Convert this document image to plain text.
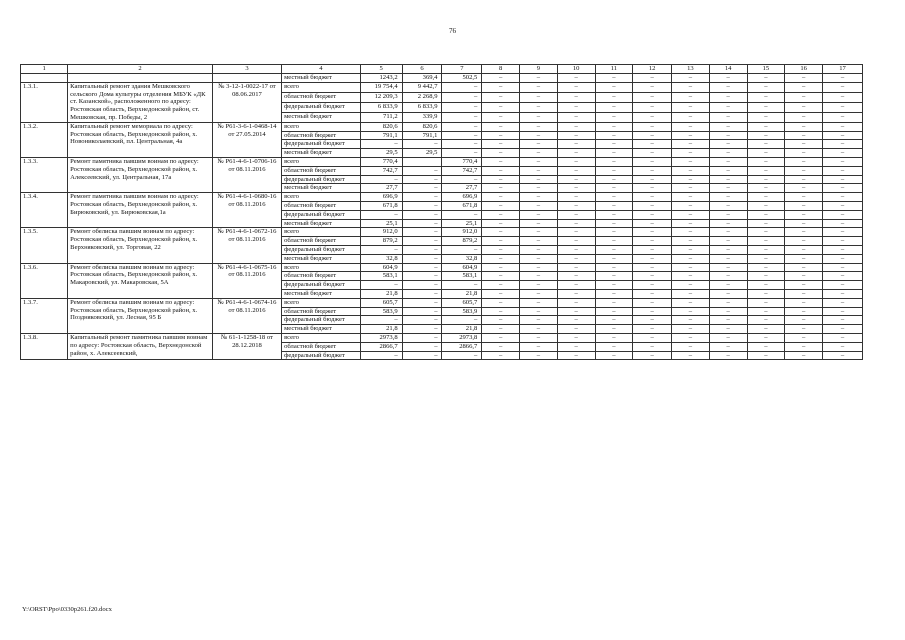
76
1	2	3	4	5	6	7	8	9	10	11	12	13	14	15	16	17
			местный бюджет	1243,2	369,4	502,5	–	–	–	–	–	–	–	–	–	–
1.3.1.	Капитальный ремонт здания Мешковского сельского Дома культуры отделения МБУК «ДК ст. Казанской», расположенного по адресу: Ростовская область, Верхнедонской район, ст. Мешковская, пр. Победы, 2	№ 3-12-1-0022-17 от 08.06.2017	всего	19 754,4	9 442,7	–	–	–	–	–	–	–	–	–	–	–
			областной бюджет	12 209,3	2 268,9	–	–	–	–	–	–	–	–	–	–	–
			федеральный бюджет	6 833,9	6 833,9	–	–	–	–	–	–	–	–	–	–	–
			местный бюджет	711,2	339,9	–	–	–	–	–	–	–	–	–	–	–
1.3.2.	Капитальный ремонт мемориала по адресу: Ростовская область, Верхнедонской район, х. Новониколаевский, пл. Центральная, 4а	№ Р61-3-6-1-0468-14 от 27.05.2014	всего	820,6	820,6	–	–	–	–	–	–	–	–	–	–	–
			областной бюджет	791,1	791,1	–	–	–	–	–	–	–	–	–	–	–
			федеральный бюджет	–	–	–	–	–	–	–	–	–	–	–	–	–
			местный бюджет	29,5	29,5	–	–	–	–	–	–	–	–	–	–	–
1.3.3.	Ремонт памятника павшим воинам по адресу: Ростовская область, Верхнедонской район, х. Алексеевский, ул. Центральная, 17а	№ Р61-4-6-1-0706-16 от 08.11.2016	всего	770,4		770,4	–	–	–	–	–	–	–	–	–	–
			областной бюджет	742,7	–	742,7	–	–	–	–	–	–	–	–	–	–
			федеральный бюджет	–	–	–	–	–	–	–	–	–	–	–	–	–
			местный бюджет	27,7	–	27,7	–	–	–	–	–	–	–	–	–	–
1.3.4.	Ремонт памятника павшим воинам по адресу: Ростовская область, Верхнедонской район, х. Бирюковский, ул. Бирюковская,1а	№ Р61-4-6-1-0680-16 от 08.11.2016	всего	696,9	–	696,9	–	–	–	–	–	–	–	–	–	–
			областной бюджет	671,8	–	671,8	–	–	–	–	–	–	–	–	–	–
			федеральный бюджет	–	–	–	–	–	–	–	–	–	–	–	–	–
			местный бюджет	25,1	–	25,1	–	–	–	–	–	–	–	–	–	–
1.3.5.	Ремонт обелиска павшим воинам по адресу: Ростовская область, Верхнедонской район, х. Верхняковский, ул. Торговая, 22	№ Р61-4-6-1-0672-16 от 08.11.2016	всего	912,0	–	912,0	–	–	–	–	–	–	–	–	–	–
			областной бюджет	879,2	–	879,2	–	–	–	–	–	–	–	–	–	–
			федеральный бюджет	–	–	–	–	–	–	–	–	–	–	–	–	–
			местный бюджет	32,8	–	32,8	–	–	–	–	–	–	–	–	–	–
1.3.6.	Ремонт обелиска павшим воинам по адресу: Ростовская область, Верхнедонской район, х. Макаровский, ул. Макаровская, 5А	№ Р61-4-6-1-0675-16 от 08.11.2016	всего	604,9	–	604,9	–	–	–	–	–	–	–	–	–	–
			областной бюджет	583,1	–	583,1	–	–	–	–	–	–	–	–	–	–
			федеральный бюджет	–	–	–	–	–	–	–	–	–	–	–	–	–
			местный бюджет	21,8	–	21,8	–	–	–	–	–	–	–	–	–	–
1.3.7.	Ремонт обелиска павшим воинам по адресу: Ростовская область, Верхнедонской район, х. Поздняковский, ул. Лесная, 95 Б	№ Р61-4-6-1-0674-16 от 08.11.2016	всего	605,7	–	605,7	–	–	–	–	–	–	–	–	–	–
			областной бюджет	583,9	–	583,9	–	–	–	–	–	–	–	–	–	–
			федеральный бюджет	–	–	–	–	–	–	–	–	–	–	–	–	–
			местный бюджет	21,8	–	21,8	–	–	–	–	–	–	–	–	–	–
1.3.8.	Капитальный ремонт памятника павшим воинам по адресу: Ростовская область, Верхнедонской район, х. Алексеевский,	№ 61-1-1258-18 от 28.12.2018	всего	2973,8	–	2973,8	–	–	–	–	–	–	–	–	–	–
			областной бюджет	2866,7	–	2866,7	–	–	–	–	–	–	–	–	–	–
			федеральный бюджет	–	–	–	–	–	–	–	–	–	–	–	–	–
Y:\ORST\Ppo\0330p261.f20.docx
